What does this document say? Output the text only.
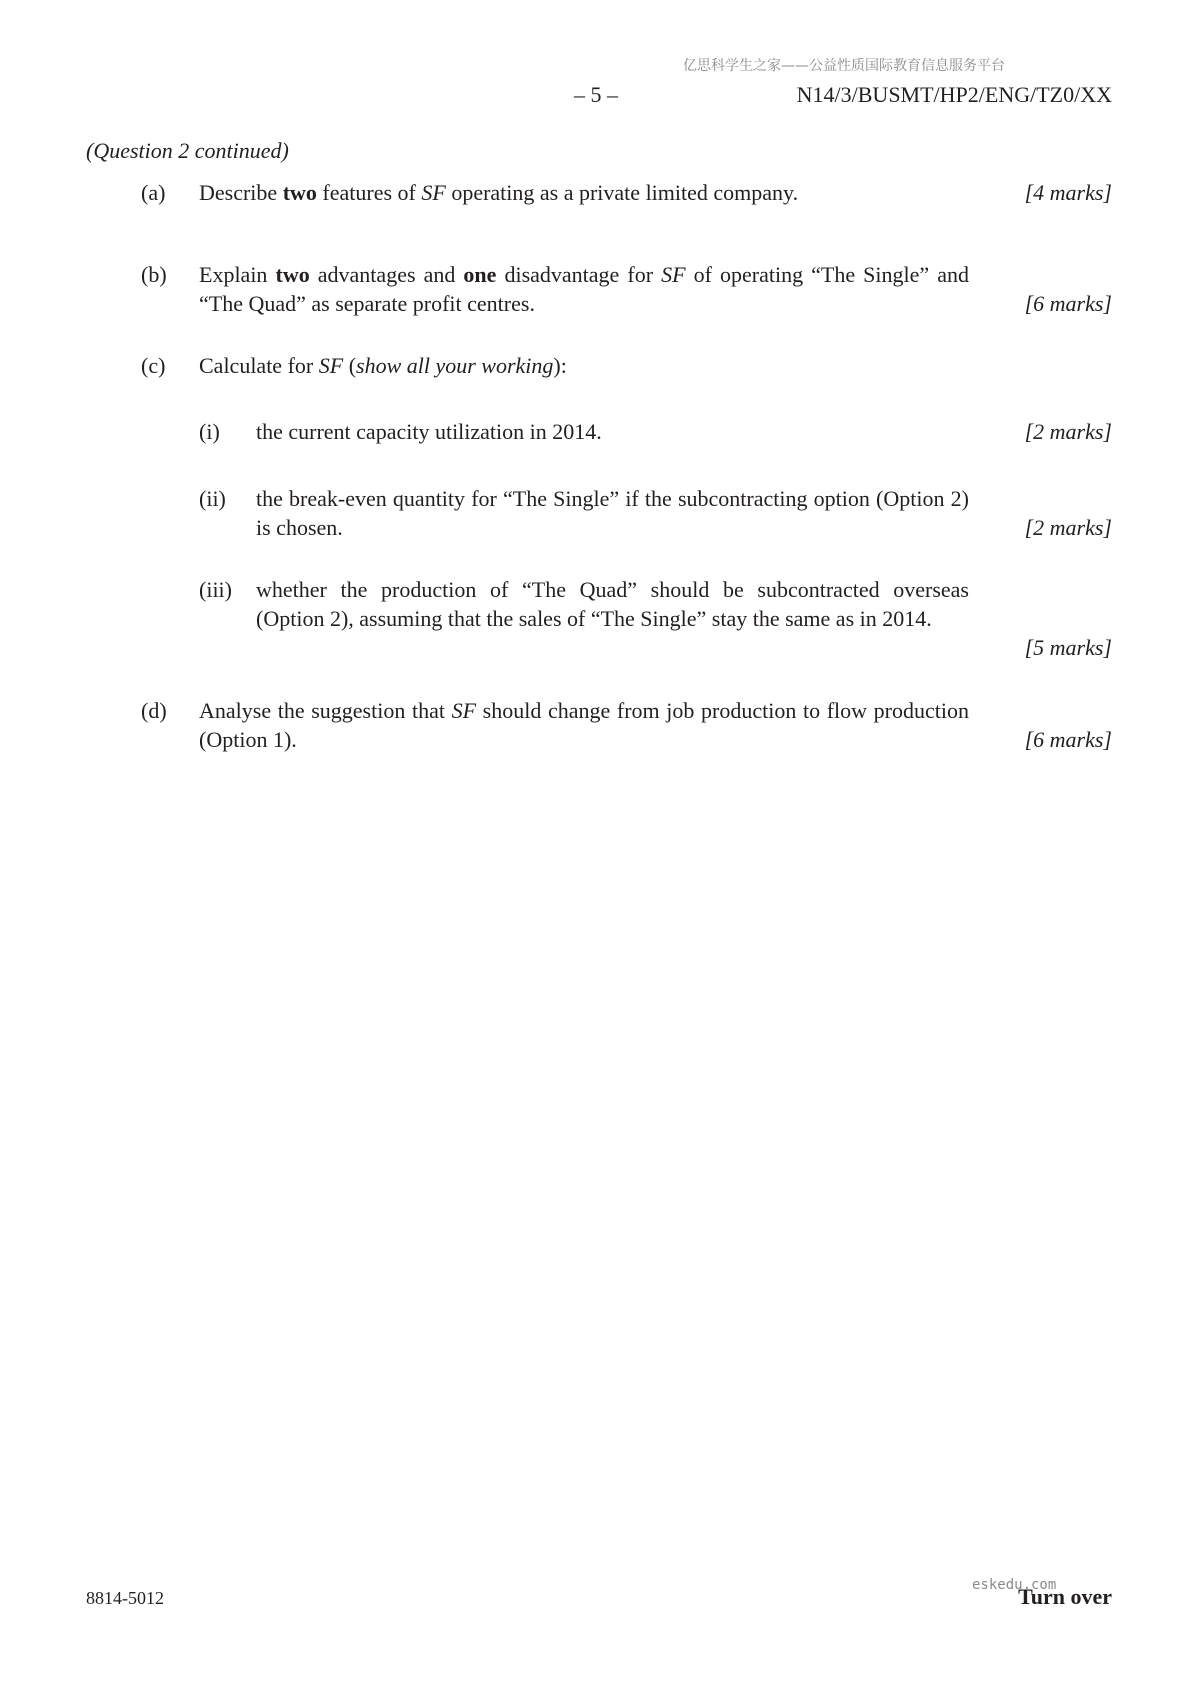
亿思科学生之家——公益性质国际教育信息服务平台
– 5 –	N14/3/BUSMT/HP2/ENG/TZ0/XX
(Question 2 continued)
(a) Describe two features of SF operating as a private limited company.	[4 marks]
(b) Explain two advantages and one disadvantage for SF of operating “The Single” and “The Quad” as separate profit centres.	[6 marks]
(c) Calculate for SF (show all your working):
(i) the current capacity utilization in 2014.	[2 marks]
(ii) the break-even quantity for “The Single” if the subcontracting option (Option 2) is chosen.	[2 marks]
(iii) whether the production of “The Quad” should be subcontracted overseas (Option 2), assuming that the sales of “The Single” stay the same as in 2014.
[5 marks]
(d) Analyse the suggestion that SF should change from job production to flow production (Option 1).	[6 marks]
8814-5012	Turn over
eskedu.com
